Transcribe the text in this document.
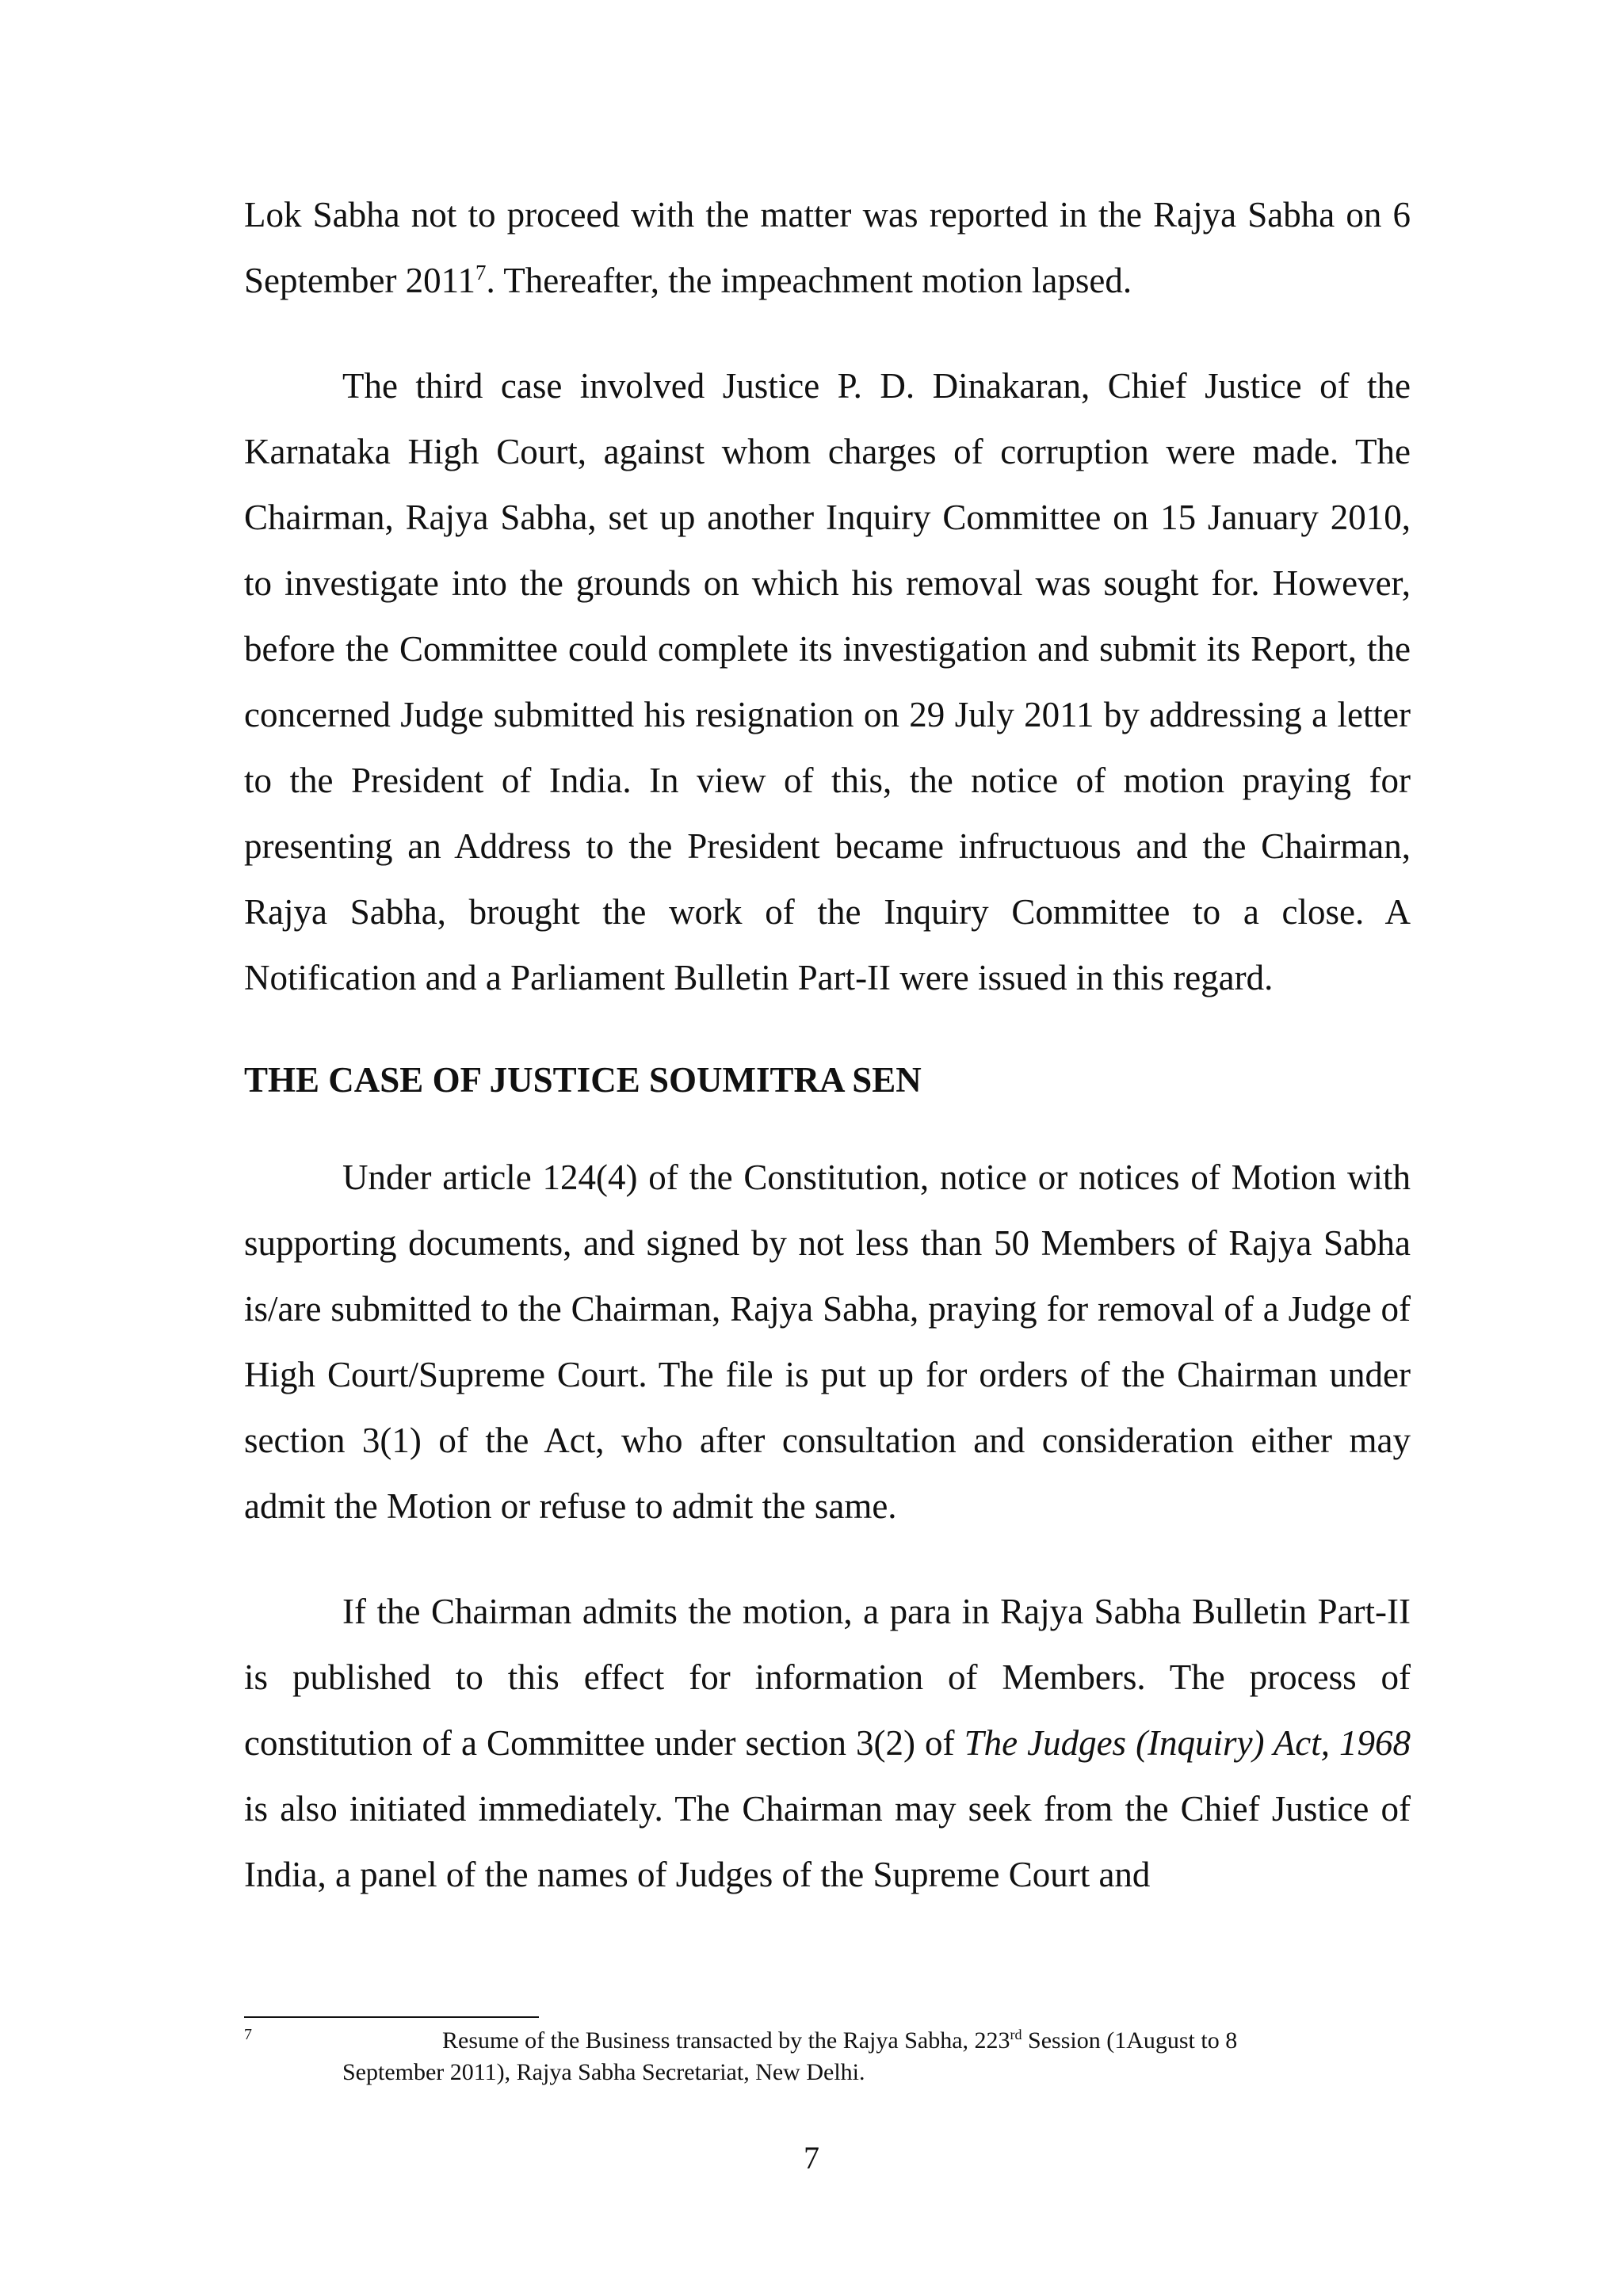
Lok Sabha not to proceed with the matter was reported in the Rajya Sabha on 6 September 2011$^7$. Thereafter, the impeachment motion lapsed.

The third case involved Justice P. D. Dinakaran, Chief Justice of the Karnataka High Court, against whom charges of corruption were made. The Chairman, Rajya Sabha, set up another Inquiry Committee on 15 January 2010, to investigate into the grounds on which his removal was sought for. However, before the Committee could complete its investigation and submit its Report, the concerned Judge submitted his resignation on 29 July 2011 by addressing a letter to the President of India. In view of this, the notice of motion praying for presenting an Address to the President became infructuous and the Chairman, Rajya Sabha, brought the work of the Inquiry Committee to a close. A Notification and a Parliament Bulletin Part-II were issued in this regard.

THE CASE OF JUSTICE SOUMITRA SEN

Under article 124(4) of the Constitution, notice or notices of Motion with supporting documents, and signed by not less than 50 Members of Rajya Sabha is/are submitted to the Chairman, Rajya Sabha, praying for removal of a Judge of High Court/Supreme Court. The file is put up for orders of the Chairman under section 3(1) of the Act, who after consultation and consideration either may admit the Motion or refuse to admit the same.

If the Chairman admits the motion, a para in Rajya Sabha Bulletin Part-II is published to this effect for information of Members. The process of constitution of a Committee under section 3(2) of The Judges (Inquiry) Act, 1968 is also initiated immediately. The Chairman may seek from the Chief Justice of India, a panel of the names of Judges of the Supreme Court and

7	Resume of the Business transacted by the Rajya Sabha, 223rd Session (1August to 8
September 2011), Rajya Sabha Secretariat, New Delhi.
7
